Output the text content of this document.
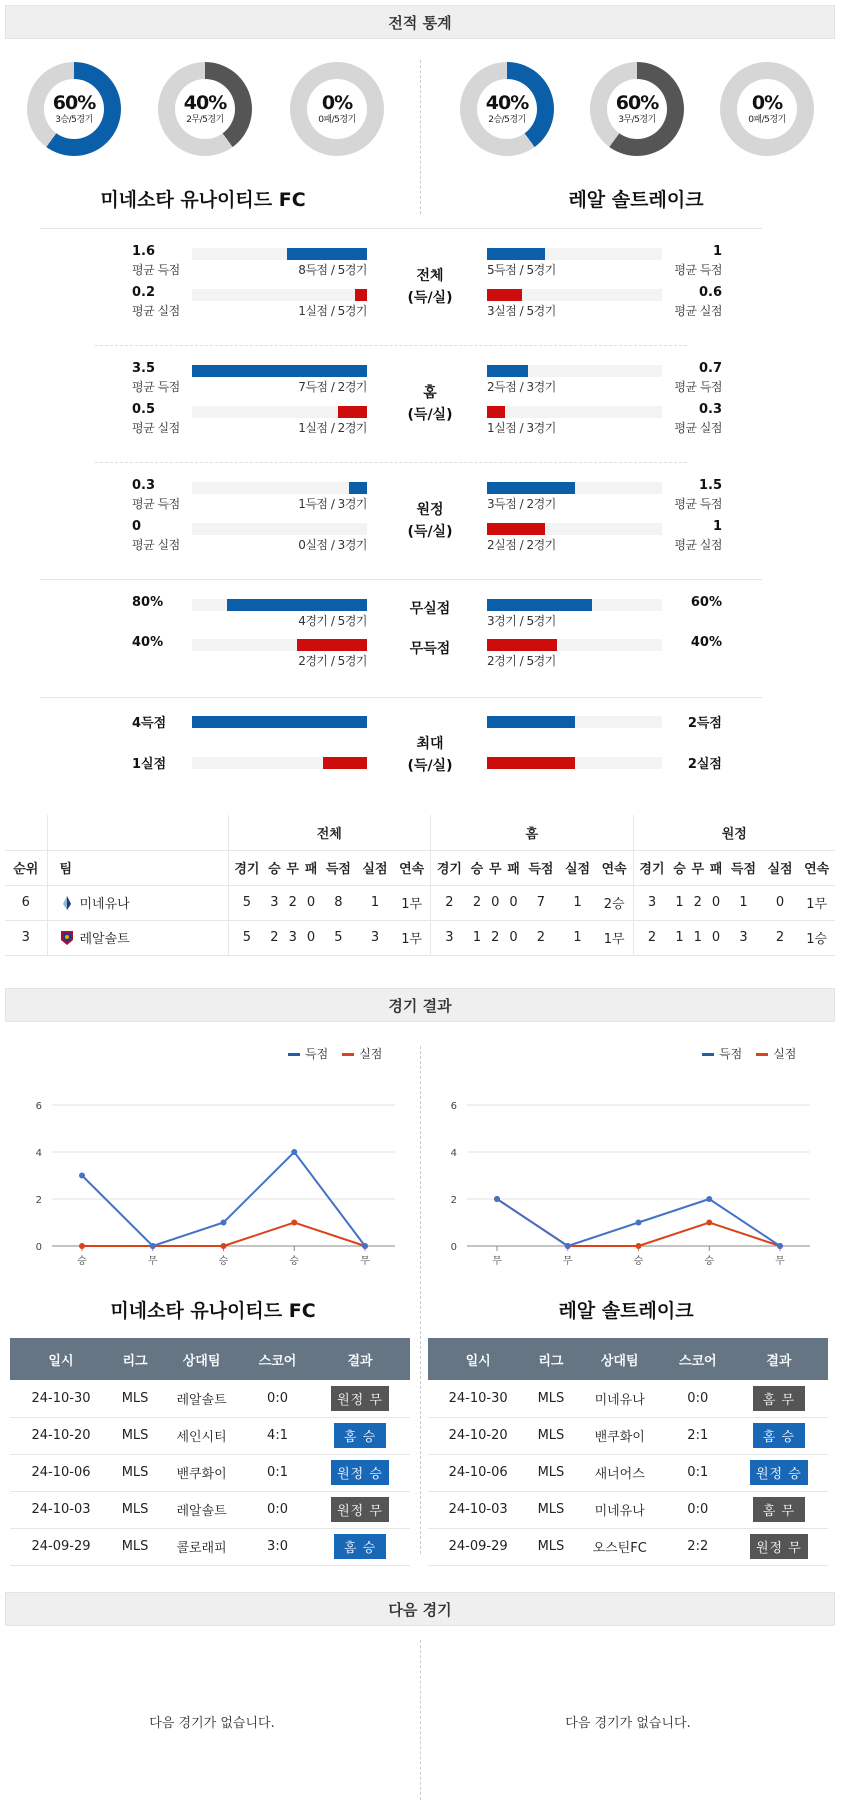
전적 통계
60%
3승/5경기
40%
2무/5경기
0%
0패/5경기
40%
2승/5경기
60%
3무/5경기
0%
0패/5경기
미네소타 유나이티드 FC	레알 솔트레이크
1.6
평균 득점
1
평균 득점
8득점 / 5경기	5득점 / 5경기
0.2
평균 실점
0.6
평균 실점
1실점 / 5경기	3실점 / 5경기
전체
(득/실)
3.5
평균 득점
0.7
평균 득점
7득점 / 2경기	2득점 / 3경기
0.5
평균 실점
0.3
평균 실점
1실점 / 2경기	1실점 / 3경기
홈
(득/실)
0.3
평균 득점
1.5
평균 득점
1득점 / 3경기	3득점 / 2경기
0
평균 실점
1
평균 실점
0실점 / 3경기	2실점 / 2경기
원정
(득/실)
80%	60%
4경기 / 5경기	3경기 / 5경기
무실점
40%	40%
2경기 / 5경기	2경기 / 5경기
무득점
4득점	2득점
1실점	2실점
최대
(득/실)
		전체							홈							원정						
순위	팀	경기	승	무	패	득점	실점	연속	경기	승	무	패	득점	실점	연속	경기	승	무	패	득점	실점	연속
6	미네유나	5	3	2	0	8	1	1무	2	2	0	0	7	1	2승	3	1	2	0	1	0	1무
3	레알솔트	5	2	3	0	5	3	1무	3	1	2	0	2	1	1무	2	1	1	0	3	2	1승
경기 결과
득점	실점	득점	실점
0
2
4
6
승	무	승	승	무
0
2
4
6
무	무	승	승	무
미네소타 유나이티드 FC	레알 솔트레이크
일시	리그	상대팀	스코어	결과
24-10-30	MLS	레알솔트	0:0	원정 무
24-10-20	MLS	세인시티	4:1	홈 승
24-10-06	MLS	밴쿠화이	0:1	원정 승
24-10-03	MLS	레알솔트	0:0	원정 무
24-09-29	MLS	콜로래피	3:0	홈 승
일시	리그	상대팀	스코어	결과
24-10-30	MLS	미네유나	0:0	홈 무
24-10-20	MLS	밴쿠화이	2:1	홈 승
24-10-06	MLS	새너어스	0:1	원정 승
24-10-03	MLS	미네유나	0:0	홈 무
24-09-29	MLS	오스틴FC	2:2	원정 무
다음 경기
다음 경기가 없습니다.	다음 경기가 없습니다.
